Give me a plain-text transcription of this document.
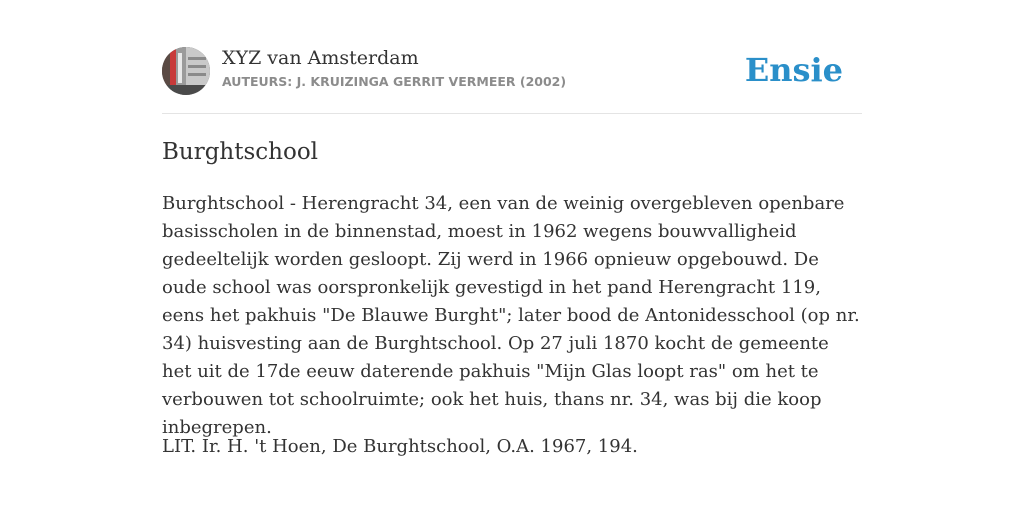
XYZ van Amsterdam
AUTEURS: J. KRUIZINGA GERRIT VERMEER (2002)	Ensie
Burghtschool

Burghtschool - Herengracht 34, een van de weinig overgebleven openbare basisscholen in de binnenstad, moest in 1962 wegens bouwvalligheid gedeeltelijk worden gesloopt. Zij werd in 1966 opnieuw opgebouwd. De oude school was oorspronkelijk gevestigd in het pand Herengracht 119, eens het pakhuis "De Blauwe Burght"; later bood de Antonidesschool (op nr. 34) huisvesting aan de Burghtschool. Op 27 juli 1870 kocht de gemeente het uit de 17de eeuw daterende pakhuis "Mijn Glas loopt ras" om het te verbouwen tot schoolruimte; ook het huis, thans nr. 34, was bij die koop inbegrepen.

LIT. Ir. H. 't Hoen, De Burghtschool, O.A. 1967, 194.
